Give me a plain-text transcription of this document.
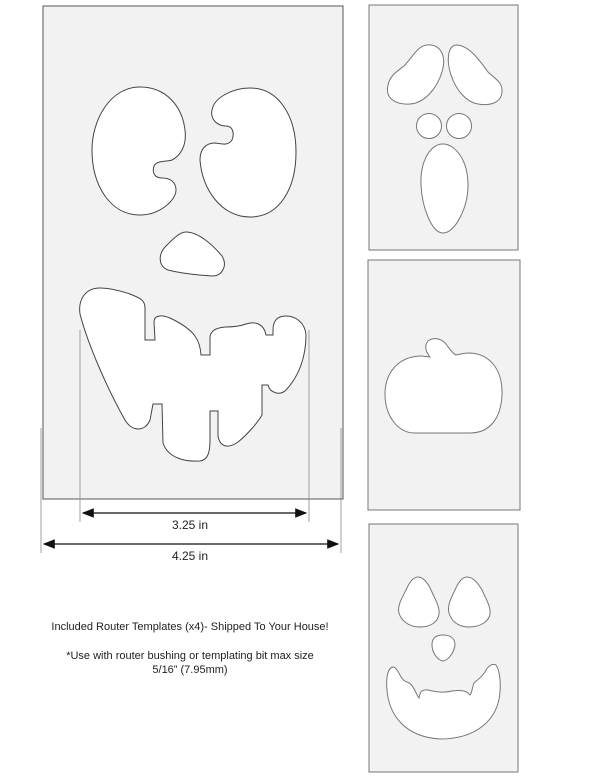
3.25 in
4.25 in
Included Router Templates (x4)- Shipped To Your House!
*Use with router bushing or templating bit max size
5/16” (7.95mm)
